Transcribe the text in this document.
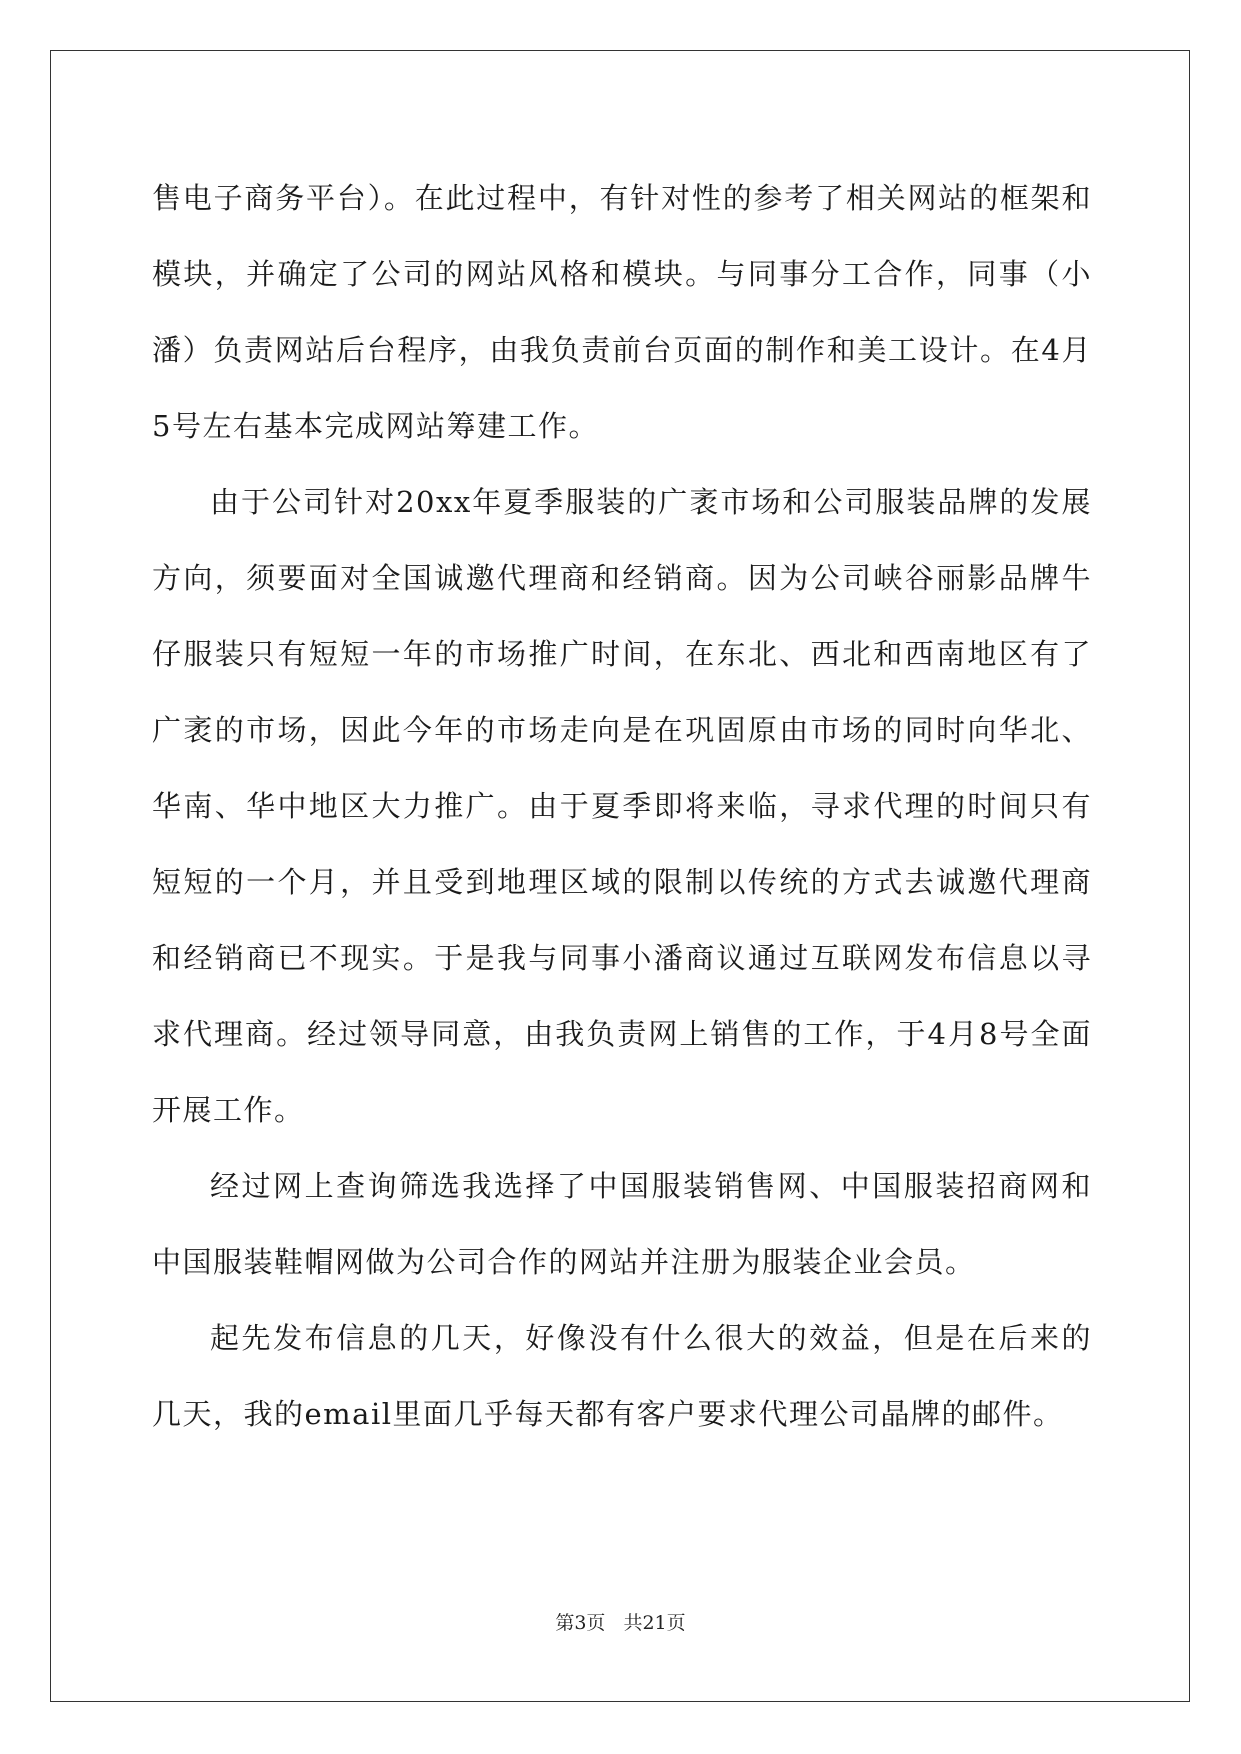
售电子商务平台）。在此过程中，有针对性的参考了相关网站的框架和模块，并确定了公司的网站风格和模块。与同事分工合作，同事（小潘）负责网站后台程序，由我负责前台页面的制作和美工设计。在4月5号左右基本完成网站筹建工作。

由于公司针对20xx年夏季服装的广袤市场和公司服装品牌的发展方向，须要面对全国诚邀代理商和经销商。因为公司峡谷丽影品牌牛仔服装只有短短一年的市场推广时间，在东北、西北和西南地区有了广袤的市场，因此今年的市场走向是在巩固原由市场的同时向华北、华南、华中地区大力推广。由于夏季即将来临，寻求代理的时间只有短短的一个月，并且受到地理区域的限制以传统的方式去诚邀代理商和经销商已不现实。于是我与同事小潘商议通过互联网发布信息以寻求代理商。经过领导同意，由我负责网上销售的工作，于4月8号全面开展工作。

经过网上查询筛选我选择了中国服装销售网、中国服装招商网和中国服装鞋帽网做为公司合作的网站并注册为服装企业会员。

起先发布信息的几天，好像没有什么很大的效益，但是在后来的几天，我的email里面几乎每天都有客户要求代理公司晶牌的邮件。

第3页 共21页
